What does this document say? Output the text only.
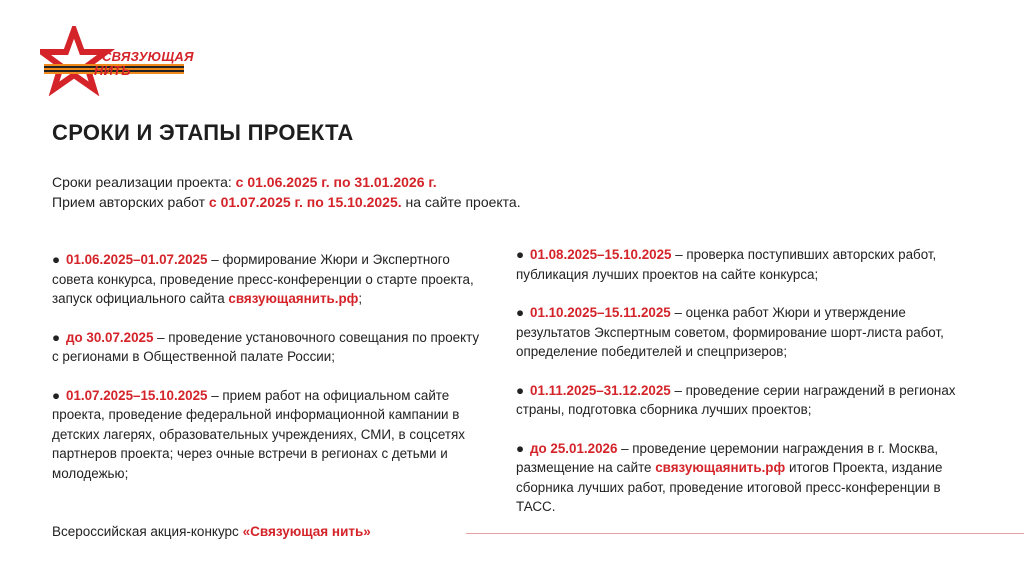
СВЯЗУЮЩАЯ
НИТЬ
СРОКИ И ЭТАПЫ ПРОЕКТА
Сроки реализации проекта: с 01.06.2025 г. по 31.01.2026 г.
Прием авторских работ с 01.07.2025 г. по 15.10.2025. на сайте проекта.
● 01.06.2025–01.07.2025 – формирование Жюри и Экспертного совета конкурса, проведение пресс-конференции о старте проекта, запуск официального сайта связующаянить.рф;
● до 30.07.2025 – проведение установочного совещания по проекту с регионами в Общественной палате России;
● 01.07.2025–15.10.2025 – прием работ на официальном сайте проекта, проведение федеральной информационной кампании в детских лагерях, образовательных учреждениях, СМИ, в соцсетях партнеров проекта; через очные встречи в регионах с детьми и молодежью;
● 01.08.2025–15.10.2025 – проверка поступивших авторских работ, публикация лучших проектов на сайте конкурса;
● 01.10.2025–15.11.2025 – оценка работ Жюри и утверждение результатов Экспертным советом, формирование шорт-листа работ, определение победителей и спецпризеров;
● 01.11.2025–31.12.2025 – проведение серии награждений в регионах страны, подготовка сборника лучших проектов;
● до 25.01.2026 – проведение церемонии награждения в г. Москва, размещение на сайте связующаянить.рф итогов Проекта, издание сборника лучших работ, проведение итоговой пресс-конференции в ТАСС.
Всероссийская акция-конкурс «Связующая нить»
